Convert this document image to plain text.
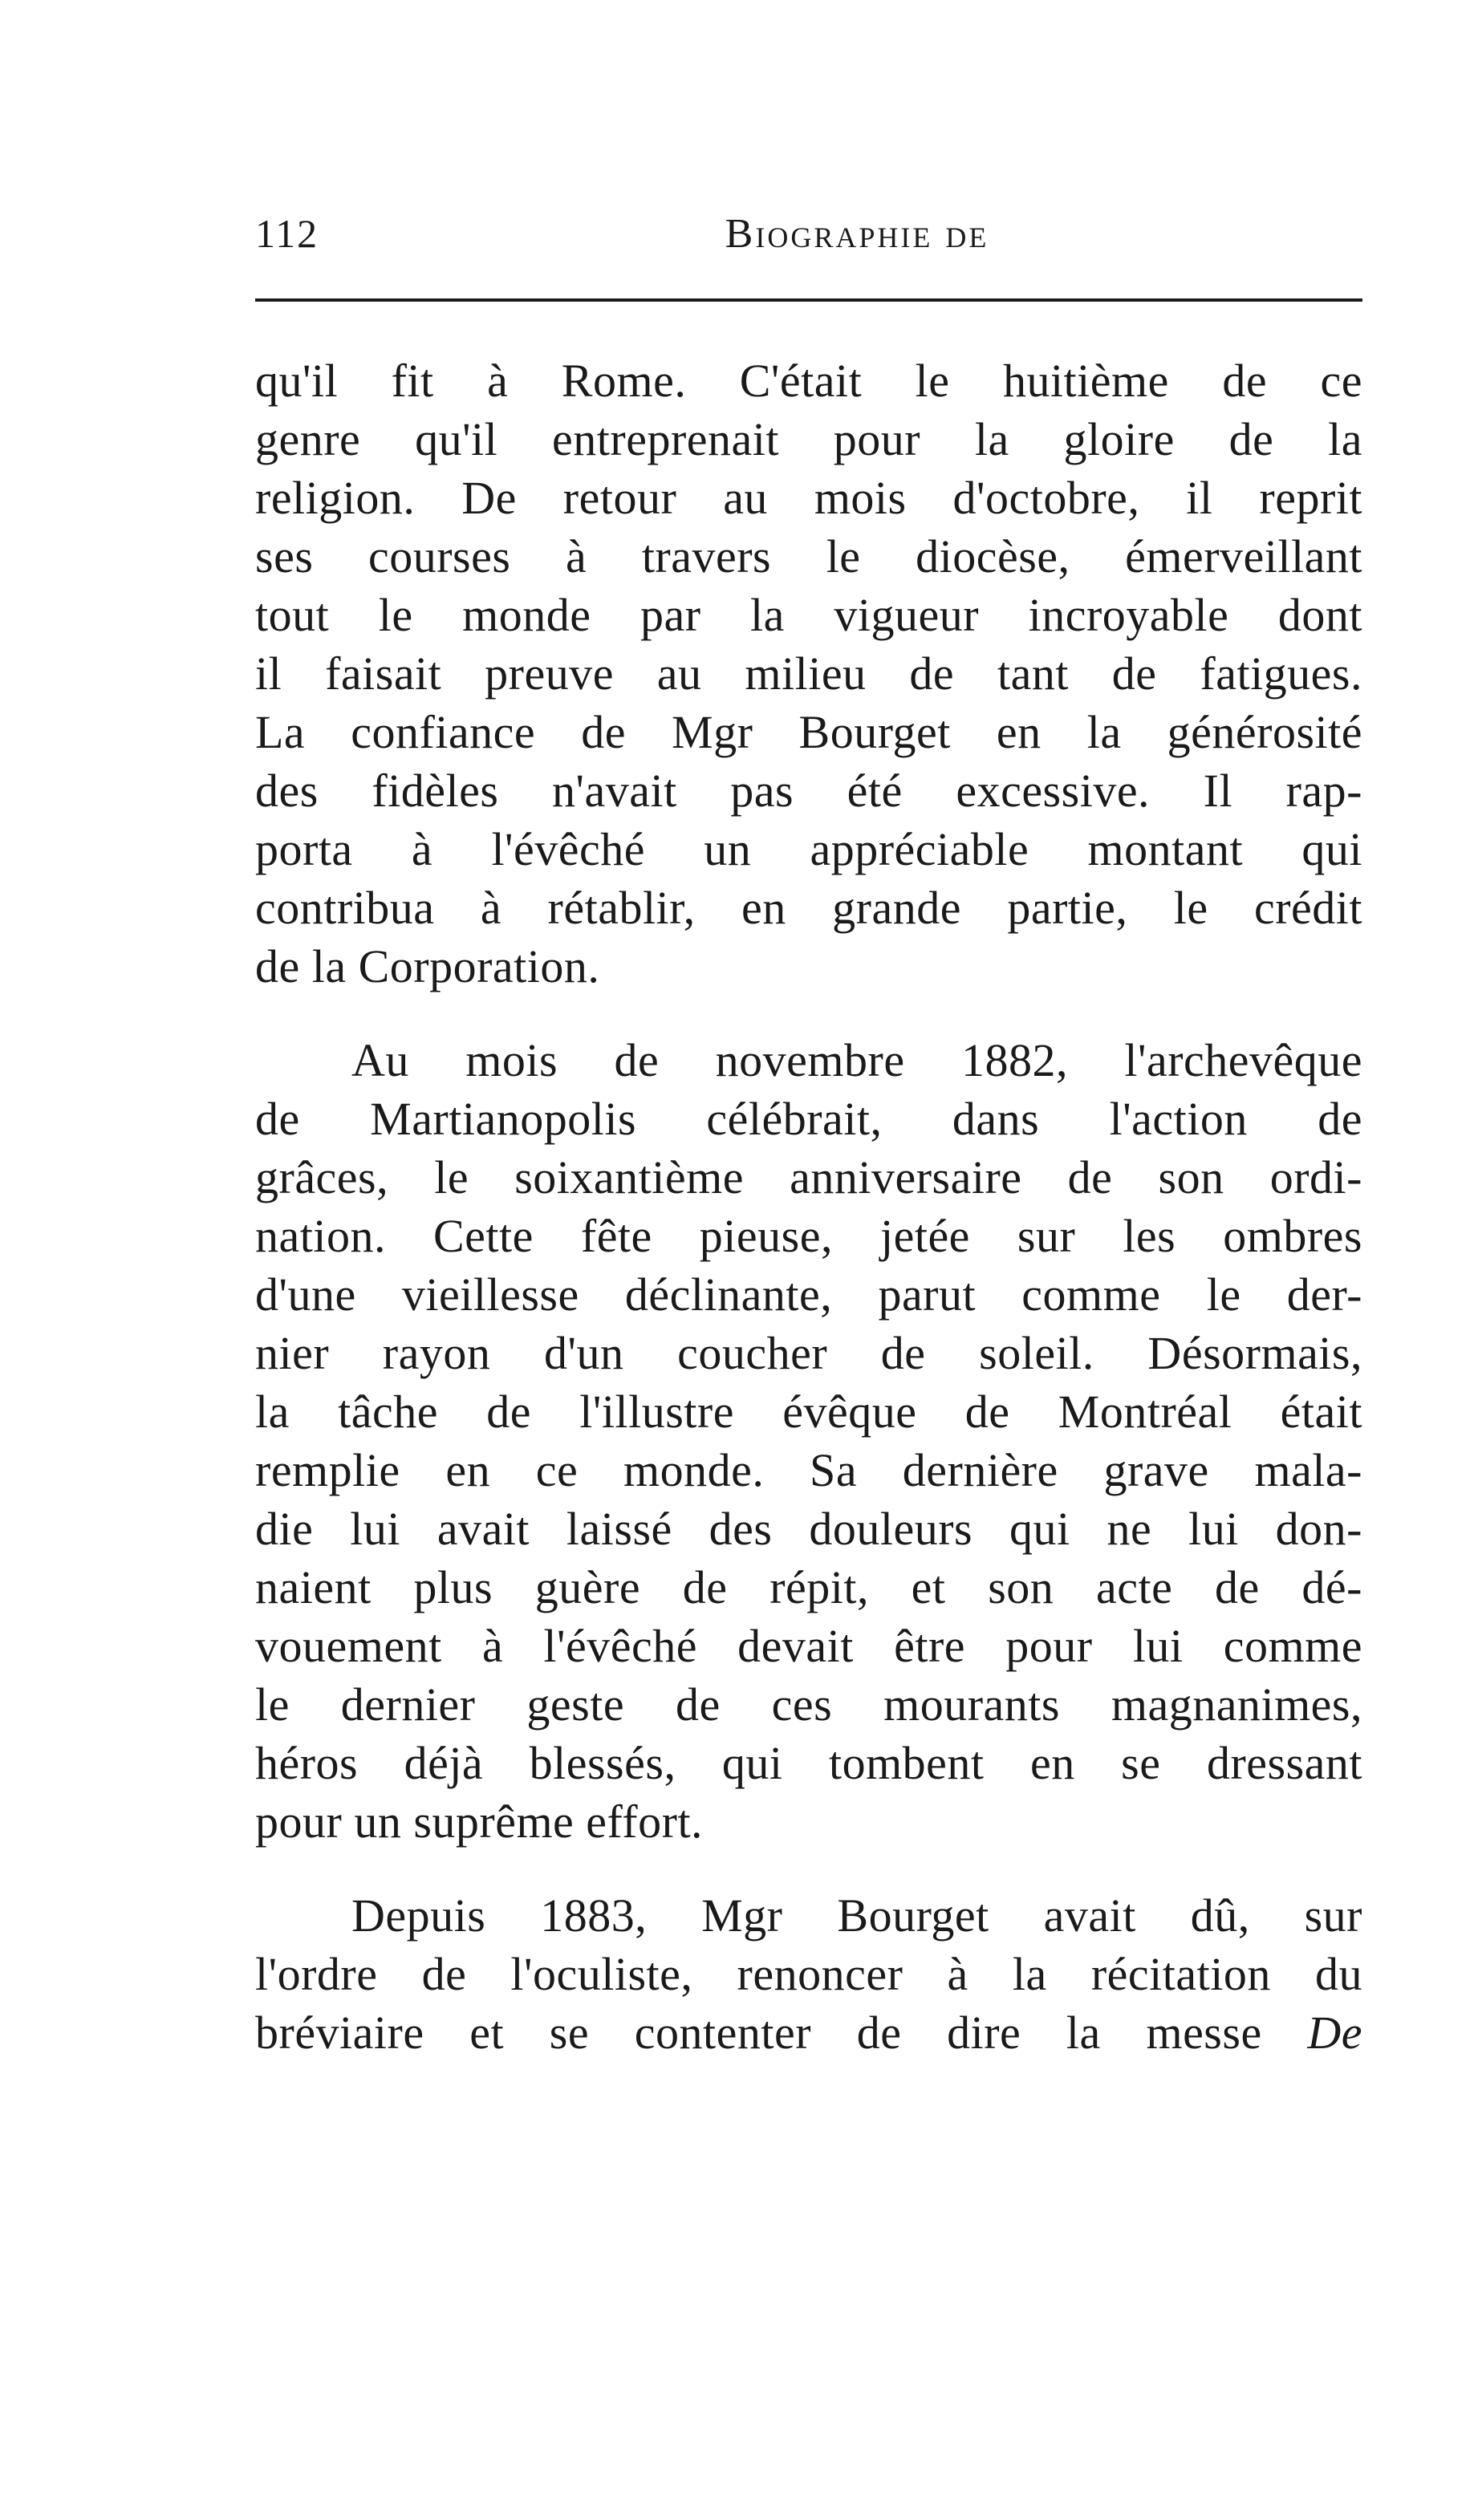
112	Biographie de
qu'il fit à Rome. C'était le huitième de ce
genre qu'il entreprenait pour la gloire de la
religion. De retour au mois d'octobre, il reprit
ses courses à travers le diocèse, émerveillant
tout le monde par la vigueur incroyable dont
il faisait preuve au milieu de tant de fatigues.
La confiance de Mgr Bourget en la générosité
des fidèles n'avait pas été excessive. Il rap-
porta à l'évêché un appréciable montant qui
contribua à rétablir, en grande partie, le crédit
de la Corporation.
Au mois de novembre 1882, l'archevêque
de Martianopolis célébrait, dans l'action de
grâces, le soixantième anniversaire de son ordi-
nation. Cette fête pieuse, jetée sur les ombres
d'une vieillesse déclinante, parut comme le der-
nier rayon d'un coucher de soleil. Désormais,
la tâche de l'illustre évêque de Montréal était
remplie en ce monde. Sa dernière grave mala-
die lui avait laissé des douleurs qui ne lui don-
naient plus guère de répit, et son acte de dé-
vouement à l'évêché devait être pour lui comme
le dernier geste de ces mourants magnanimes,
héros déjà blessés, qui tombent en se dressant
pour un suprême effort.
Depuis 1883, Mgr Bourget avait dû, sur
l'ordre de l'oculiste, renoncer à la récitation du
bréviaire et se contenter de dire la messe De
